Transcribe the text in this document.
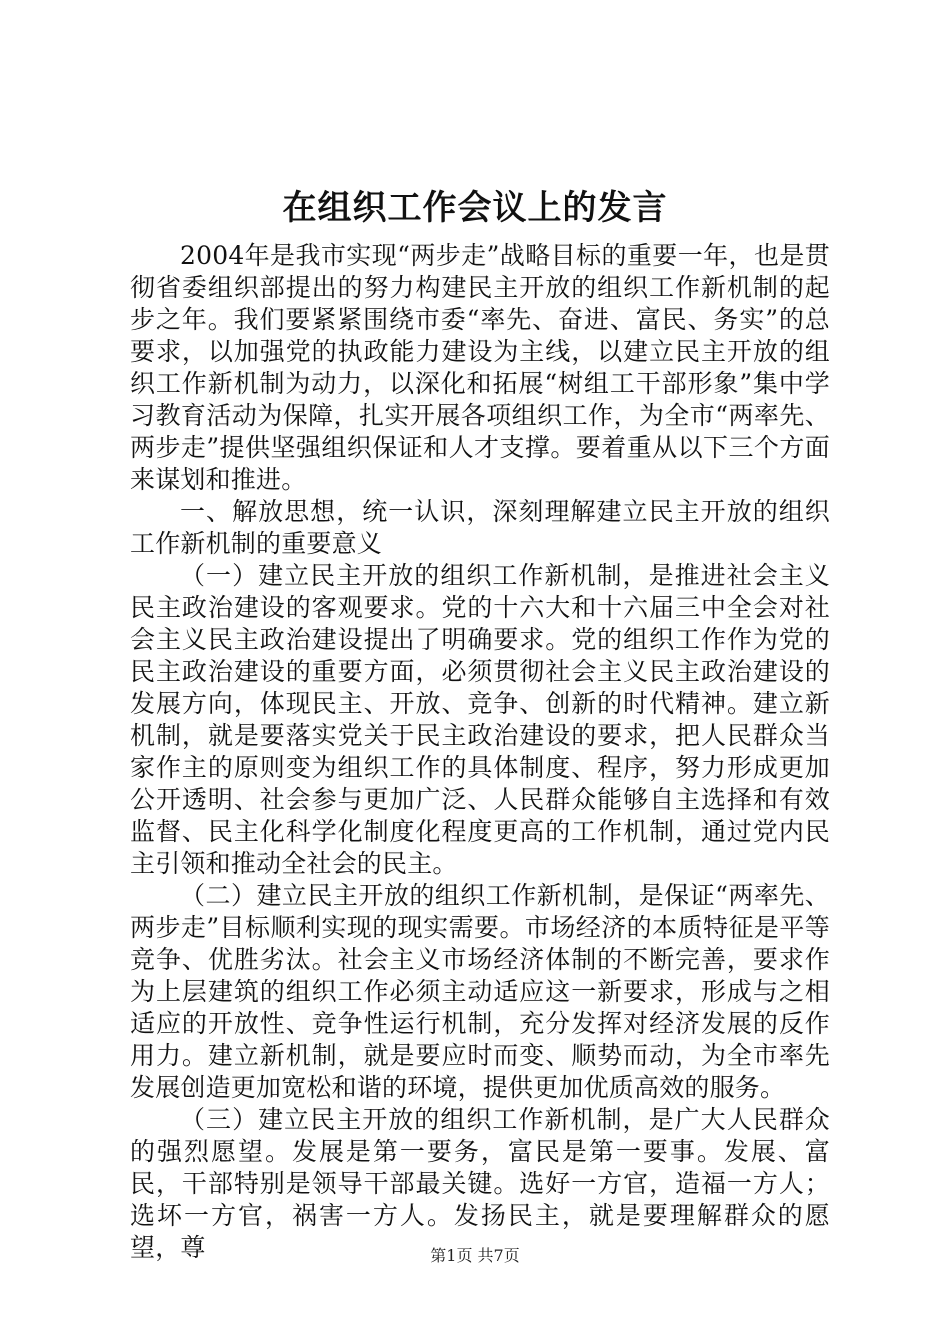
在组织工作会议上的发言

2004年是我市实现“两步走”战略目标的重要一年，也是贯彻省委组织部提出的努力构建民主开放的组织工作新机制的起步之年。我们要紧紧围绕市委“率先、奋进、富民、务实”的总要求，以加强党的执政能力建设为主线，以建立民主开放的组织工作新机制为动力，以深化和拓展“树组工干部形象”集中学习教育活动为保障，扎实开展各项组织工作，为全市“两率先、两步走”提供坚强组织保证和人才支撑。要着重从以下三个方面来谋划和推进。

一、解放思想，统一认识，深刻理解建立民主开放的组织工作新机制的重要意义

（一）建立民主开放的组织工作新机制，是推进社会主义民主政治建设的客观要求。党的十六大和十六届三中全会对社会主义民主政治建设提出了明确要求。党的组织工作作为党的民主政治建设的重要方面，必须贯彻社会主义民主政治建设的发展方向，体现民主、开放、竞争、创新的时代精神。建立新机制，就是要落实党关于民主政治建设的要求，把人民群众当家作主的原则变为组织工作的具体制度、程序，努力形成更加公开透明、社会参与更加广泛、人民群众能够自主选择和有效监督、民主化科学化制度化程度更高的工作机制，通过党内民主引领和推动全社会的民主。

（二）建立民主开放的组织工作新机制，是保证“两率先、两步走”目标顺利实现的现实需要。市场经济的本质特征是平等竞争、优胜劣汰。社会主义市场经济体制的不断完善，要求作为上层建筑的组织工作必须主动适应这一新要求，形成与之相适应的开放性、竞争性运行机制，充分发挥对经济发展的反作用力。建立新机制，就是要应时而变、顺势而动，为全市率先发展创造更加宽松和谐的环境，提供更加优质高效的服务。

（三）建立民主开放的组织工作新机制，是广大人民群众的强烈愿望。发展是第一要务，富民是第一要事。发展、富民，干部特别是领导干部最关键。选好一方官，造福一方人；选坏一方官，祸害一方人。发扬民主，就是要理解群众的愿望，尊	第1页 共7页
